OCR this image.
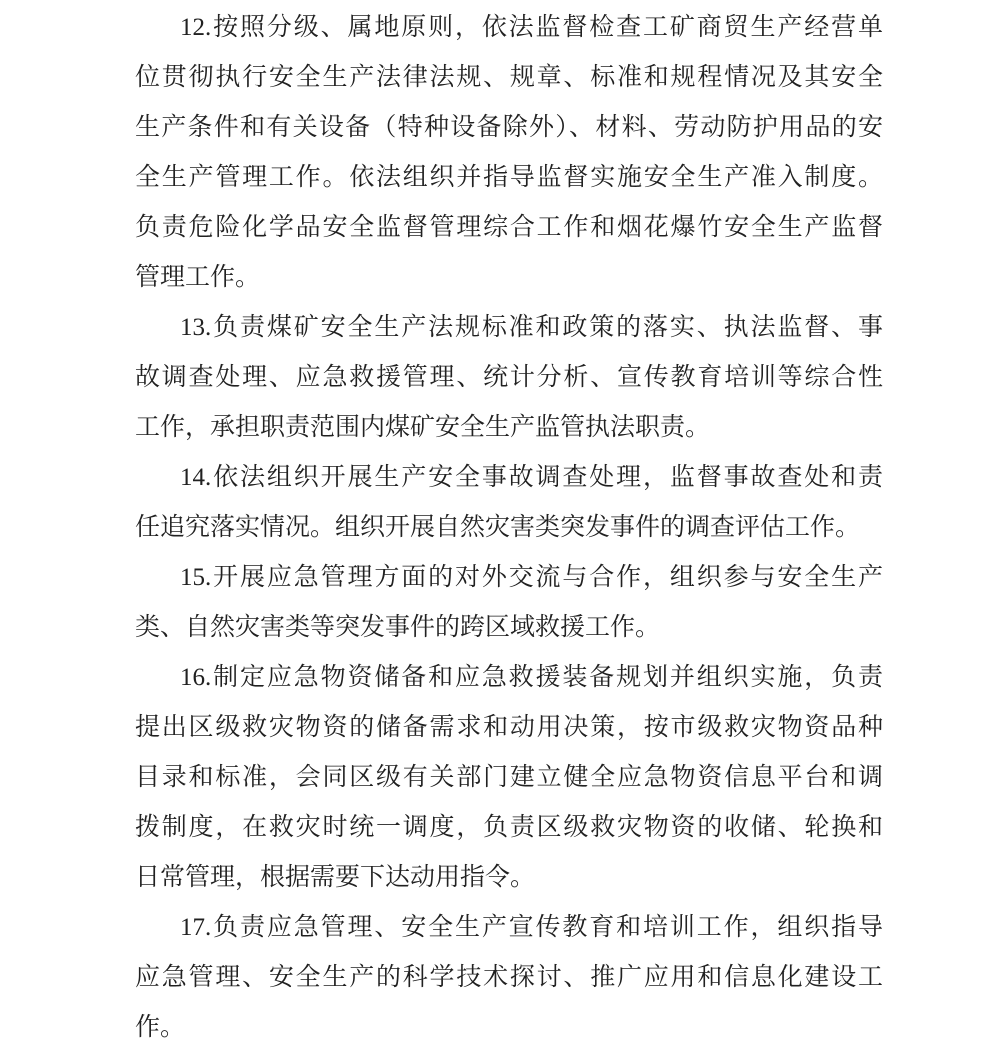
12.按照分级、属地原则，依法监督检查工矿商贸生产经营单
位贯彻执行安全生产法律法规、规章、标准和规程情况及其安全
生产条件和有关设备（特种设备除外）、材料、劳动防护用品的安
全生产管理工作。依法组织并指导监督实施安全生产准入制度。
负责危险化学品安全监督管理综合工作和烟花爆竹安全生产监督
管理工作。
13.负责煤矿安全生产法规标准和政策的落实、执法监督、事
故调查处理、应急救援管理、统计分析、宣传教育培训等综合性
工作，承担职责范围内煤矿安全生产监管执法职责。
14.依法组织开展生产安全事故调查处理，监督事故查处和责
任追究落实情况。组织开展自然灾害类突发事件的调查评估工作。
15.开展应急管理方面的对外交流与合作，组织参与安全生产
类、自然灾害类等突发事件的跨区域救援工作。
16.制定应急物资储备和应急救援装备规划并组织实施，负责
提出区级救灾物资的储备需求和动用决策，按市级救灾物资品种
目录和标准，会同区级有关部门建立健全应急物资信息平台和调
拨制度，在救灾时统一调度，负责区级救灾物资的收储、轮换和
日常管理，根据需要下达动用指令。
17.负责应急管理、安全生产宣传教育和培训工作，组织指导
应急管理、安全生产的科学技术探讨、推广应用和信息化建设工
作。
